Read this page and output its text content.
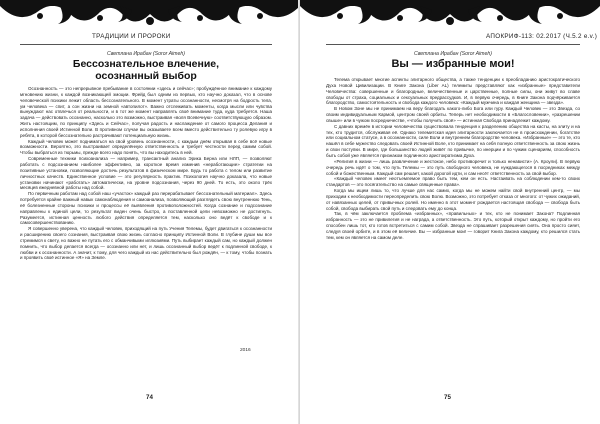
ТРАДИЦИИ И ПРОРОКИ
Светлана Ирабан (Soror Aimeh)
Бессознательное влечение,
осознанный выбор

Осознанность — это непрерывное пребывание в состоянии «здесь и сейчас»; пробуждённое внимание к каждому мгновению жизни, к каждой возникающей эмоции. Фрейд был одним из первых, кто научно доказал, что в основе человеческой психики лежит область бессознательного. В момент утраты осознанности, несмотря на бодрость тела, ум человека — спит, а сон жизни на земной «автопилот». Важно отслеживать моменты, когда мысли или чувства вынуждают нас отвлечься от реальности, и в тот же момент направлять своё внимание туда, куда требуется. Наша задача — действовать осознанно, насколько это возможно, выстраивая «воля Всевечную» соответствующую образом. Жить настоящим, по принципу «Здесь и Сейчас», получая радость и наслаждение от самого процесса Делания и исполнения своей Истинной Воли. В противном случае вы оказываете всем вместо действительно ту ролевую игру в ребята, в которой бессознательно растрачивают потенциальную жизнь.

Каждый человек может подниматься на свой уровень осознанности, с каждым днём открывая в себе всё новые возможности. Вероятно, это выстраивает определённую ответственность и требует честности перед самим собой. Чтобы выбраться из тюрьмы, прежде всего надо понять, что вы находитесь в ней.

Современные техники психоанализа — например, трансактный анализ Эрика Берна или НЛП, — позволяют работать с подсознанием наиболее эффективно, за короткое время изменив «неработающие» стратегии на позитивные установки, позволяющие достичь результатов в физическом мире. Будь то работа с телом или развитие личностных качеств. Единственное условие — это регулярность практик. Психология научно доказала, что новые установки начинают «работать» автоматически, на уровне подсознания, через 90 дней. То есть, это около трёх месяцев ежедневной работы над собой.

По первичным работам над собой наш «участок» каждый раз перерабатывает бессознательный материал». Здесь потребуется крайне важный навык самонаблюдения и самоанализа, позволяющий разглядеть свою внутреннюю Тень, её болезненные стороны психики и процессы её выявления противоположностей. Когда сознание и подсознание направлены к единой цели, то результат виден очень быстро, а поставленной цели невозможно не достигнуть. Разумеется, истинная ценность любого действия определяется тем, насколько оно ведёт к свободе и к самосовершенствованию.

Я совершенно уверена, что каждый человек, приходящий на путь Учения Телемы, будет двигаться к осознанности и расширению своего сознания, выстраивая свою жизнь согласно принципу Истинной Воли. В глубине души мы все стремимся к свету, но важно не путать его с обманчивыми иллюзиями. Путь выбирает каждый сам, но каждый должен помнить, что выбор делается всегда — осознанно или нет, и лишь осознанный выбор ведёт к подлинной свободе, к любви и к осознанности. А значит, к тому, для чего каждый из нас действительно был рождён, — к тому, чтобы познать и проявить своё истинное «Я» на Земле.

2016
74
АПОКРИФ-113: 02.2017 (Ч.5.2 e.v.)
Светлана Ирабан (Soror Aimeh)
Вы — избранные мои!

Телема открывает многие аспекты элитарного общества, а также тенденции к преобладанию аристократического Духа Новой Цивилизации. В Книге Закона (Liber AL) телемиты представляют как «избранные» представители Человечества: совершенные и благородные, величественные и царственные, полные силы, они живут во славе свободы от страха, социальных и сексуальных предрассудков. И, в первую очередь, в Книге Закона подчёркивается благородство, самостоятельность и свобода каждого человека: «Каждый мужчина и каждая женщина — звезда».

В Новом Зоне мы не принимаем на веру благодать какого-либо Бога или гуру. Каждый Человек — это Звезда, со своим индивидуальным Кармой, центром своей орбиты. Теперь нет необходимости в «Благословении», «разрешении свыше» или в чужом посредничестве, «чтобы получить своё» — истинная Свобода принадлежит каждому.

С давних времён в истории человечества существовала тенденция к разделению общества на касты, на элиту и на тех, кто трудится, обслуживая её. Однако телемитская идея элитарности заключается не в происхождении, богатстве или социальном статусе, а в осознанности, силе Воли и внутреннем благородстве человека. «Избранные» — это те, кто нашёл в себе мужество следовать своей Истинной Воле, кто принимает на себя полную ответственность за свою жизнь и свои поступки. В мире, где большинство людей живёт по привычке, по инерции и по чужим сценариям, способность быть собой уже является признаком подлинного аристократизма Духа.

«Религия в жизни — лишь развлечение и жестокое, небо противоречит и только ненависти» (А. Кроули). В первую очередь речь идёт о том, что путь Телемы — это путь свободного человека, не нуждающегося в посредниках между собой и божественным. Каждый сам решает, какой дорогой идти, и сам несёт ответственность за свой выбор.

«Каждый человек имеет неотъемлемое право быть тем, кем он есть. Настаивать на соблюдении кем-то своих стандартов — это посягательство на самые священные права».

Когда мы ищем лишь то, что лучше для нас самих, когда мы не можем найти свой внутренний центр, — мы приходим к необходимости переопределить свою Волю. Возможно, это потребует отказа от многого: от чужих ожиданий, от навязанных целей, от привычных ролей. Но именно в этот момент рождается настоящая свобода — свобода быть собой, свобода выбирать свой путь и следовать ему до конца.

Так, в чём заключается проблема «избранных», «правильных» и тех, кто не понимает Закона? Подлинная избранность — это не привилегия и не награда, а ответственность. Это путь, который открыт каждому, но пройти его способен лишь тот, кто готов встретиться с самим собой. Звезда не спрашивает разрешения сиять. Она просто сияет, следуя своей орбите, и в этом её величие. Вы — избранные мои! — говорит Книга Закона каждому, кто решился стать тем, кем он является на самом деле.

75
